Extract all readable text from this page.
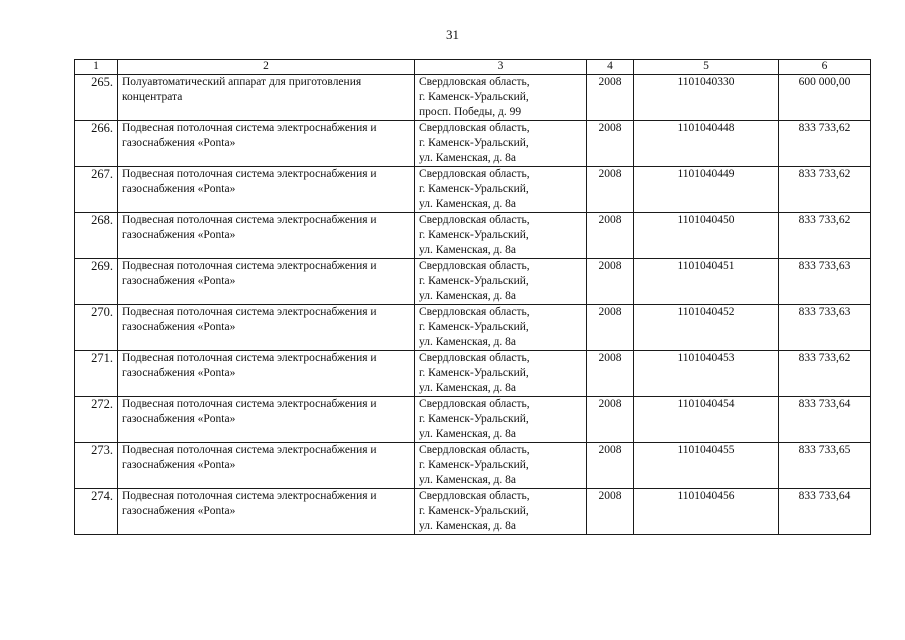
31
1	2	3	4	5	6
265.	Полуавтоматический аппарат для приготовления концентрата	Свердловская область,
г. Каменск-Уральский,
просп. Победы, д. 99	2008	1101040330	600 000,00
266.	Подвесная потолочная система электроснабжения и газоснабжения «Ponta»	Свердловская область,
г. Каменск-Уральский,
ул. Каменская, д. 8а	2008	1101040448	833 733,62
267.	Подвесная потолочная система электроснабжения и газоснабжения «Ponta»	Свердловская область,
г. Каменск-Уральский,
ул. Каменская, д. 8а	2008	1101040449	833 733,62
268.	Подвесная потолочная система электроснабжения и газоснабжения «Ponta»	Свердловская область,
г. Каменск-Уральский,
ул. Каменская, д. 8а	2008	1101040450	833 733,62
269.	Подвесная потолочная система электроснабжения и газоснабжения «Ponta»	Свердловская область,
г. Каменск-Уральский,
ул. Каменская, д. 8а	2008	1101040451	833 733,63
270.	Подвесная потолочная система электроснабжения и газоснабжения «Ponta»	Свердловская область,
г. Каменск-Уральский,
ул. Каменская, д. 8а	2008	1101040452	833 733,63
271.	Подвесная потолочная система электроснабжения и газоснабжения «Ponta»	Свердловская область,
г. Каменск-Уральский,
ул. Каменская, д. 8а	2008	1101040453	833 733,62
272.	Подвесная потолочная система электроснабжения и газоснабжения «Ponta»	Свердловская область,
г. Каменск-Уральский,
ул. Каменская, д. 8а	2008	1101040454	833 733,64
273.	Подвесная потолочная система электроснабжения и газоснабжения «Ponta»	Свердловская область,
г. Каменск-Уральский,
ул. Каменская, д. 8а	2008	1101040455	833 733,65
274.	Подвесная потолочная система электроснабжения и газоснабжения «Ponta»	Свердловская область,
г. Каменск-Уральский,
ул. Каменская, д. 8а	2008	1101040456	833 733,64
